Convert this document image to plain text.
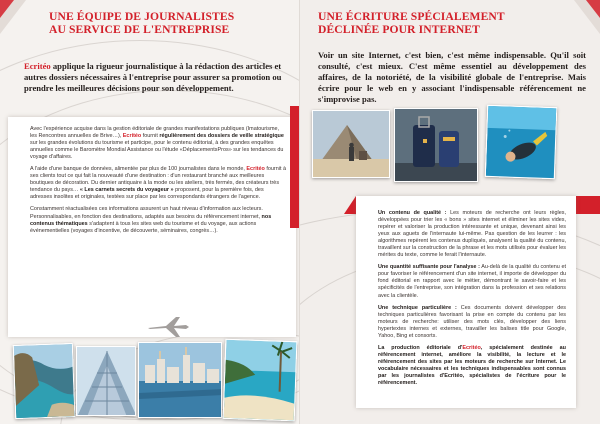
UNE ÉQUIPE DE JOURNALISTES
AU SERVICE DE L'ENTREPRISE
Ecritéo applique la rigueur journalistique à la rédaction des articles et autres dossiers nécessaires à l'entreprise pour assurer sa promotion ou prendre les meilleures décisions pour son développement.

Avec l'expérience acquise dans la gestion éditoriale de grandes manifestations publiques (Imatourisme, les Rencontres annuelles de Brive…), Ecritéo fournit régulièrement des dossiers de veille stratégique sur les grandes évolutions du tourisme et participe, pour le contenu éditorial, à des grandes enquêtes annuelles comme le Baromètre Mondial Assistance ou l'étude «DéplacementsPros» sur les tendances du voyage d'affaires.

A l'aide d'une banque de données, alimentée par plus de 100 journalistes dans le monde, Ecritéo fournit à ses clients tout ce qui fait la nouveauté d'une destination : d'un restaurant branché aux meilleures boutiques de décoration. Du dernier antiquaire à la mode ou les ateliers, très fermés, des créateurs très tendance du pays… « Les carnets secrets du voyageur » proposent, pour la première fois, des adresses insolites et originales, testées sur place par les correspondants étrangers de l'agence.

Constamment réactualisées ces informations assurent un haut niveau d'information aux lecteurs. Personnalisables, en fonction des destinations, adaptés aux besoins du référencement internet, nos contenus thématiques s'adaptent à tous les sites web du tourisme et du voyage, aux actions événementielles (voyages d'incentive, de découverte, séminaires, congrès…).

UNE ÉCRITURE SPÉCIALEMENT
DÉCLINÉE POUR INTERNET
Voir un site Internet, c'est bien, c'est même indispensable. Qu'il soit consulté, c'est mieux. C'est même essentiel au développement des affaires, de la notoriété, de la visibilité globale de l'entreprise. Mais écrire pour le web en y associant l'indispensable référencement ne s'improvise pas.

Un contenu de qualité : Les moteurs de recherche ont leurs règles, développées pour trier les « bons » sites internet et éliminer les sites vides, repérer et valoriser la production intéressante et unique, devenant ainsi les yeux aux aguets de l'internaute lui-même. Pas question de les leurrer : les algorithmes repèrent les contenus dupliqués, analysent la qualité du contenu, travaillent sur la construction de la phrase et les mots utilisés pour évaluer les mérites du texte, comme le ferait l'internaute.

Une quantité suffisante pour l'analyse : Au-delà de la qualité du contenu et pour favoriser le référencement d'un site internet, il importe de développer du fond éditorial en rapport avec le métier, démontrant le savoir-faire et les spécificités de l'entreprise, son intégration dans la profession et ses relations avec la clientèle.

Une technique particulière : Ces documents doivent développer des techniques particulières favorisant la prise en compte du contenu par les moteurs de recherche: utiliser des mots clés, développer des liens hypertextes internes et externes, travailler les balises title pour Google, Yahoo, Bing et consorts.

La production éditoriale d'Ecritéo, spécialement destinée au référencement internet, améliore la visibilité, la lecture et le référencement des sites par les moteurs de recherche sur Internet. Le vocabulaire nécessaires et les techniques indispensables sont connus par les journalistes d'Ecritéo, spécialistes de l'écriture pour le référencement.
